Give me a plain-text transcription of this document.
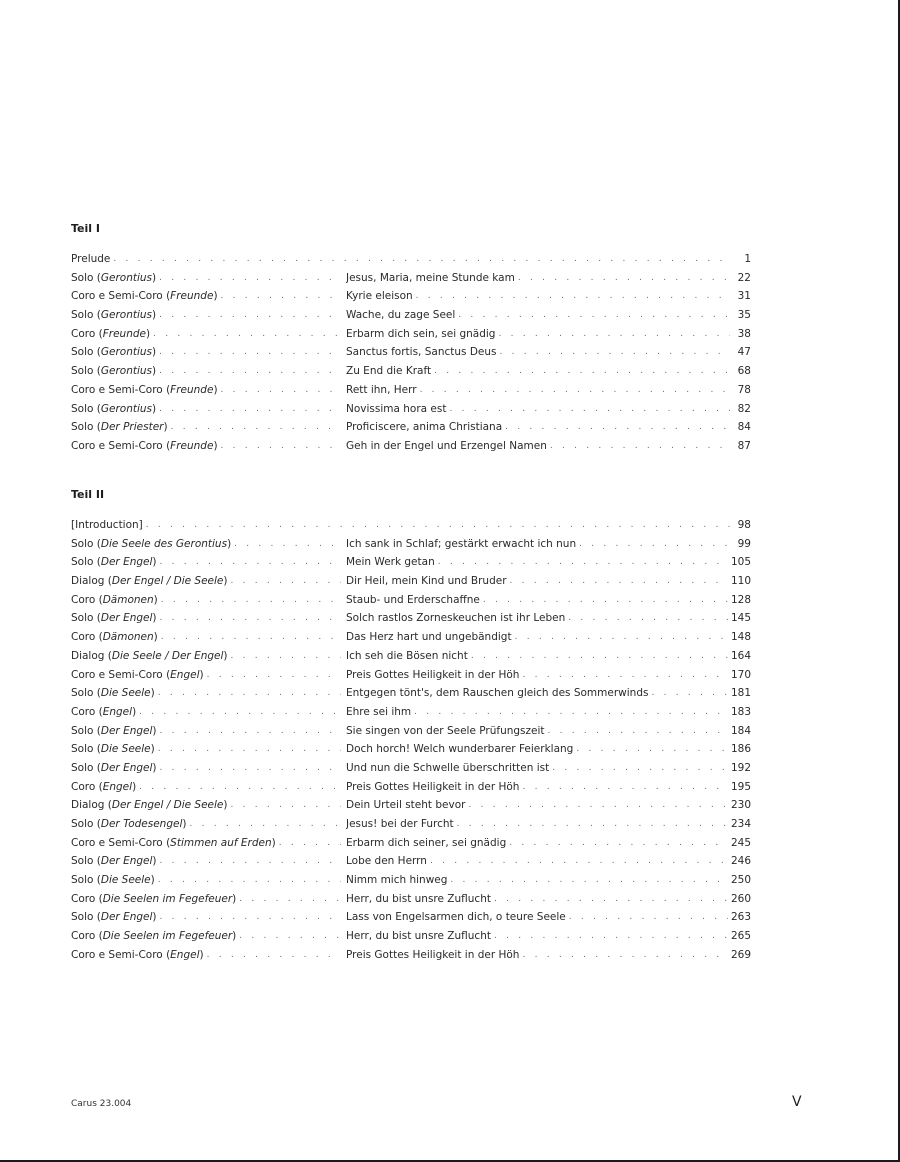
Teil I
Prelude . . .	1
Solo (Gerontius) . . .	Jesus, Maria, meine Stunde kam . . .	22
Coro e Semi-Coro (Freunde) . . .	Kyrie eleison . . .	31
Solo (Gerontius) . . .	Wache, du zage Seel . . .	35
Coro (Freunde) . . .	Erbarm dich sein, sei gnädig . . .	38
Solo (Gerontius) . . .	Sanctus fortis, Sanctus Deus . . .	47
Solo (Gerontius) . . .	Zu End die Kraft . . .	68
Coro e Semi-Coro (Freunde) . . .	Rett ihn, Herr . . .	78
Solo (Gerontius) . . .	Novissima hora est . . .	82
Solo (Der Priester) . . .	Proficiscere, anima Christiana . . .	84
Coro e Semi-Coro (Freunde) . . .	Geh in der Engel und Erzengel Namen . . .	87
Teil II
[Introduction] . . .	98
Solo (Die Seele des Gerontius) . . .	Ich sank in Schlaf; gestärkt erwacht ich nun . . .	99
Solo (Der Engel) . . .	Mein Werk getan . . .	105
Dialog (Der Engel / Die Seele) . . .	Dir Heil, mein Kind und Bruder . . .	110
Coro (Dämonen) . . .	Staub- und Erderschaffne . . .	128
Solo (Der Engel) . . .	Solch rastlos Zorneskeuchen ist ihr Leben . . .	145
Coro (Dämonen) . . .	Das Herz hart und ungebändigt . . .	148
Dialog (Die Seele / Der Engel) . . .	Ich seh die Bösen nicht . . .	164
Coro e Semi-Coro (Engel) . . .	Preis Gottes Heiligkeit in der Höh . . .	170
Solo (Die Seele) . . .	Entgegen tönt's, dem Rauschen gleich des Sommerwinds . . .	181
Coro (Engel) . . .	Ehre sei ihm . . .	183
Solo (Der Engel) . . .	Sie singen von der Seele Prüfungszeit . . .	184
Solo (Die Seele) . . .	Doch horch! Welch wunderbarer Feierklang . . .	186
Solo (Der Engel) . . .	Und nun die Schwelle überschritten ist . . .	192
Coro (Engel) . . .	Preis Gottes Heiligkeit in der Höh . . .	195
Dialog (Der Engel / Die Seele) . . .	Dein Urteil steht bevor . . .	230
Solo (Der Todesengel) . . .	Jesus! bei der Furcht . . .	234
Coro e Semi-Coro (Stimmen auf Erden) . . .	Erbarm dich seiner, sei gnädig . . .	245
Solo (Der Engel) . . .	Lobe den Herrn . . .	246
Solo (Die Seele) . . .	Nimm mich hinweg . . .	250
Coro (Die Seelen im Fegefeuer) . . .	Herr, du bist unsre Zuflucht . . .	260
Solo (Der Engel) . . .	Lass von Engelsarmen dich, o teure Seele . . .	263
Coro (Die Seelen im Fegefeuer) . . .	Herr, du bist unsre Zuflucht . . .	265
Coro e Semi-Coro (Engel) . . .	Preis Gottes Heiligkeit in der Höh . . .	269
Carus 23.004	V
